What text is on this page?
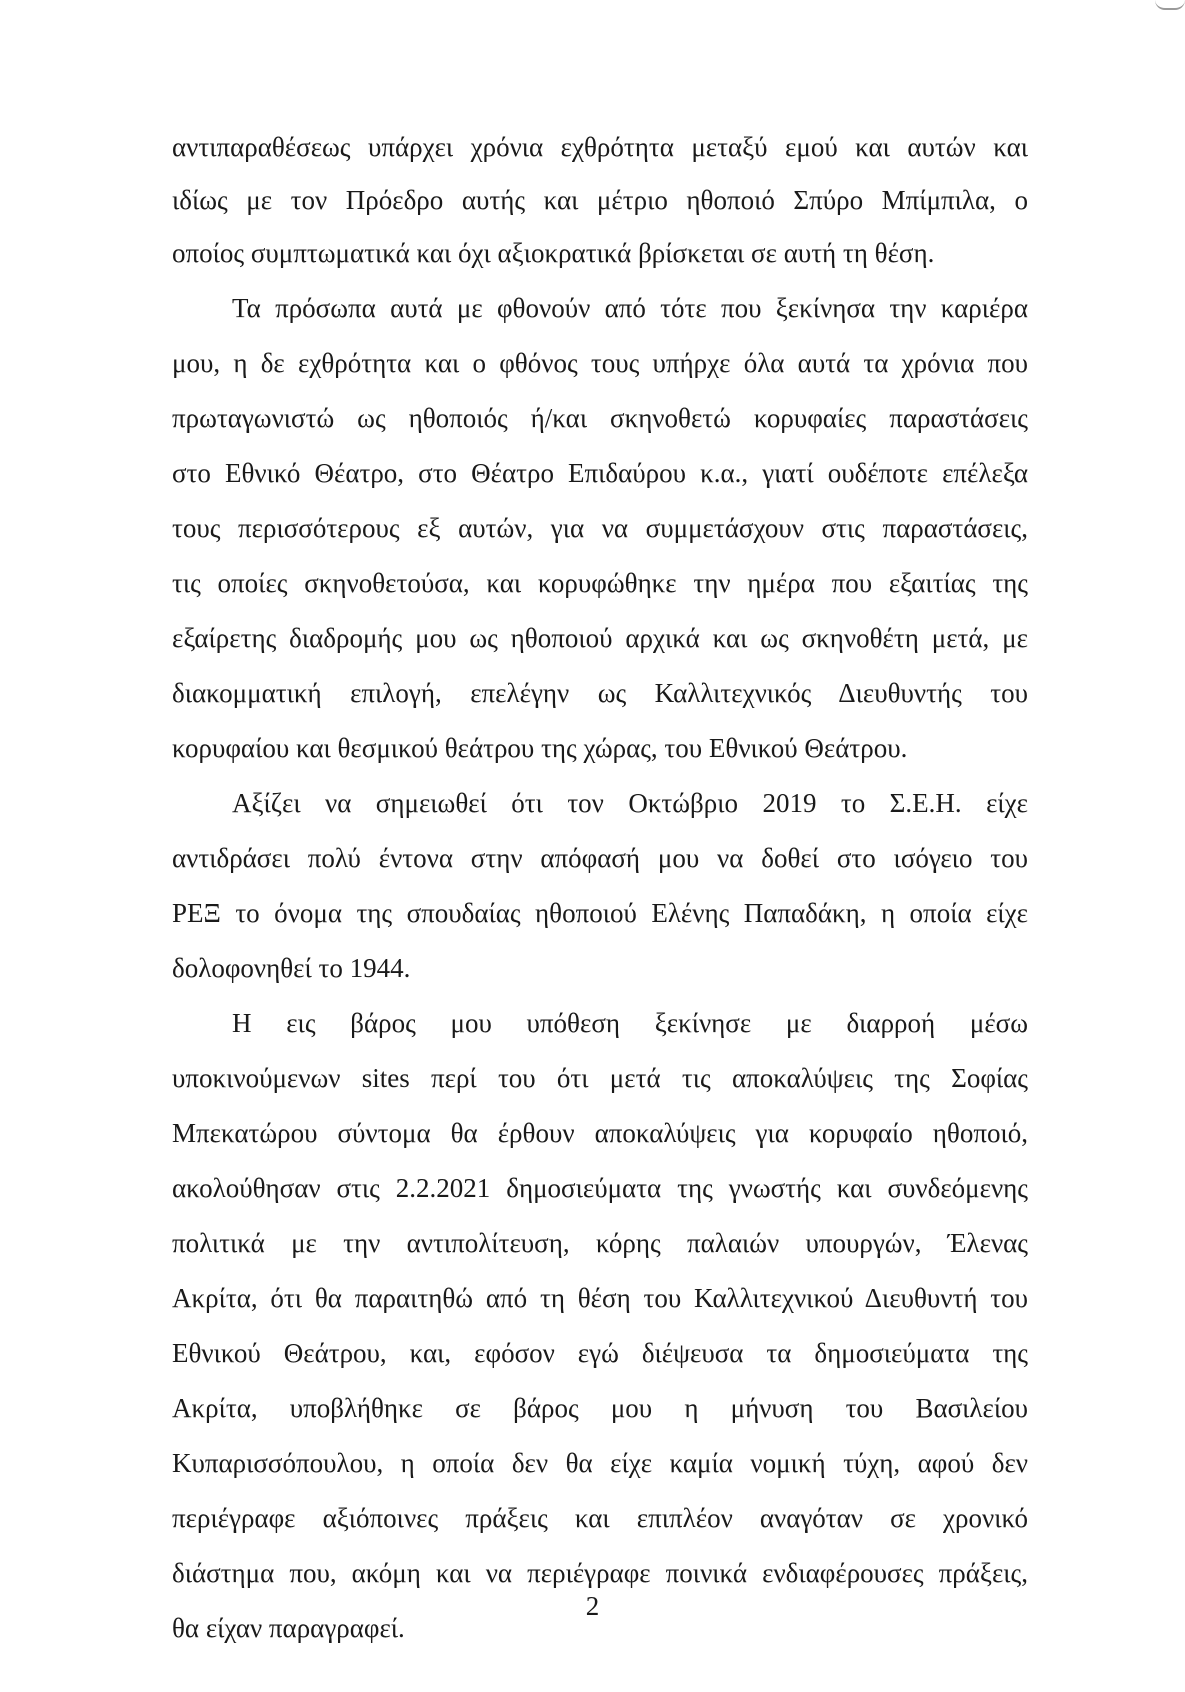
αντιπαραθέσεως υπάρχει χρόνια εχθρότητα μεταξύ εμού και αυτών και
ιδίως με τον Πρόεδρο αυτής και μέτριο ηθοποιό Σπύρο Μπίμπιλα, ο
οποίος συμπτωματικά και όχι αξιοκρατικά βρίσκεται σε αυτή τη θέση.
Τα πρόσωπα αυτά με φθονούν από τότε που ξεκίνησα την καριέρα
μου, η δε εχθρότητα και ο φθόνος τους υπήρχε όλα αυτά τα χρόνια που
πρωταγωνιστώ ως ηθοποιός ή/και σκηνοθετώ κορυφαίες παραστάσεις
στο Εθνικό Θέατρο, στο Θέατρο Επιδαύρου κ.α., γιατί ουδέποτε επέλεξα
τους περισσότερους εξ αυτών, για να συμμετάσχουν στις παραστάσεις,
τις οποίες σκηνοθετούσα, και κορυφώθηκε την ημέρα που εξαιτίας της
εξαίρετης διαδρομής μου ως ηθοποιού αρχικά και ως σκηνοθέτη μετά, με
διακομματική επιλογή, επελέγην ως Καλλιτεχνικός Διευθυντής του
κορυφαίου και θεσμικού θεάτρου της χώρας, του Εθνικού Θεάτρου.
Αξίζει να σημειωθεί ότι τον Οκτώβριο 2019 το Σ.Ε.Η. είχε
αντιδράσει πολύ έντονα στην απόφασή μου να δοθεί στο ισόγειο του
ΡΕΞ το όνομα της σπουδαίας ηθοποιού Ελένης Παπαδάκη, η οποία είχε
δολοφονηθεί το 1944.
Η εις βάρος μου υπόθεση ξεκίνησε με διαρροή μέσω
υποκινούμενων sites περί του ότι μετά τις αποκαλύψεις της Σοφίας
Μπεκατώρου σύντομα θα έρθουν αποκαλύψεις για κορυφαίο ηθοποιό,
ακολούθησαν στις 2.2.2021 δημοσιεύματα της γνωστής και συνδεόμενης
πολιτικά με την αντιπολίτευση, κόρης παλαιών υπουργών, Έλενας
Ακρίτα, ότι θα παραιτηθώ από τη θέση του Καλλιτεχνικού Διευθυντή του
Εθνικού Θεάτρου, και, εφόσον εγώ διέψευσα τα δημοσιεύματα της
Ακρίτα, υποβλήθηκε σε βάρος μου η μήνυση του Βασιλείου
Κυπαρισσόπουλου, η οποία δεν θα είχε καμία νομική τύχη, αφού δεν
περιέγραφε αξιόποινες πράξεις και επιπλέον αναγόταν σε χρονικό
διάστημα που, ακόμη και να περιέγραφε ποινικά ενδιαφέρουσες πράξεις,
θα είχαν παραγραφεί.
2
